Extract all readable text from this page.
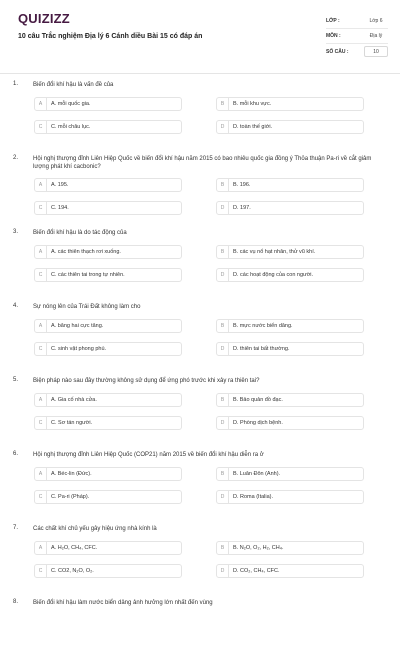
QUIZIZZ
10 câu Trắc nghiệm Địa lý 6 Cánh diều Bài 15 có đáp án
LỚP :	Lớp 6
MÔN :	Địa lý
SỐ CÂU :	10
1. Biến đổi khí hậu là vấn đề của
A	A. mỗi quốc gia.	B	B. mỗi khu vực.
C	C. mỗi châu lục.	D	D. toàn thế giới.
2. Hội nghị thượng đỉnh Liên Hiệp Quốc về biến đổi khí hậu năm 2015 có bao nhiêu quốc gia đồng ý Thỏa thuận Pa-ri về cắt giảm lượng phát khí cacbonic?
A	A. 195.	B	B. 196.
C	C. 194.	D	D. 197.
3. Biến đổi khí hậu là do tác động của
A	A. các thiên thạch rơi xuống.	B	B. các vụ nổ hạt nhân, thử vũ khí.
C	C. các thiên tai trong tự nhiên.	D	D. các hoạt động của con người.
4. Sự nóng lên của Trái Đất không làm cho
A	A. băng hai cực tăng.	B	B. mực nước biển dâng.
C	C. sinh vật phong phú.	D	D. thiên tai bất thường.
5. Biện pháp nào sau đây thường không sử dụng để ứng phó trước khi xảy ra thiên tai?
A	A. Gia cố nhà cửa.	B	B. Bảo quản đồ đạc.
C	C. Sơ tán người.	D	D. Phòng dịch bệnh.
6. Hội nghị thượng đỉnh Liên Hiệp Quốc (COP21) năm 2015 về biến đổi khí hậu diễn ra ở
A	A. Béc-lin (Đức).	B	B. Luân Đôn (Anh).
C	C. Pa-ri (Pháp).	D	D. Roma (Italia).
7. Các chất khí chủ yếu gây hiệu ứng nhà kính là
A	A. H₂O, CH₄, CFC.	B	B. N₂O, O₂, H₂, CH₄.
C	C. CO2, N₂O, O₂.	D	D. CO₂, CH₄, CFC.
8. Biến đổi khí hậu làm nước biển dâng ảnh hưởng lớn nhất đến vùng
